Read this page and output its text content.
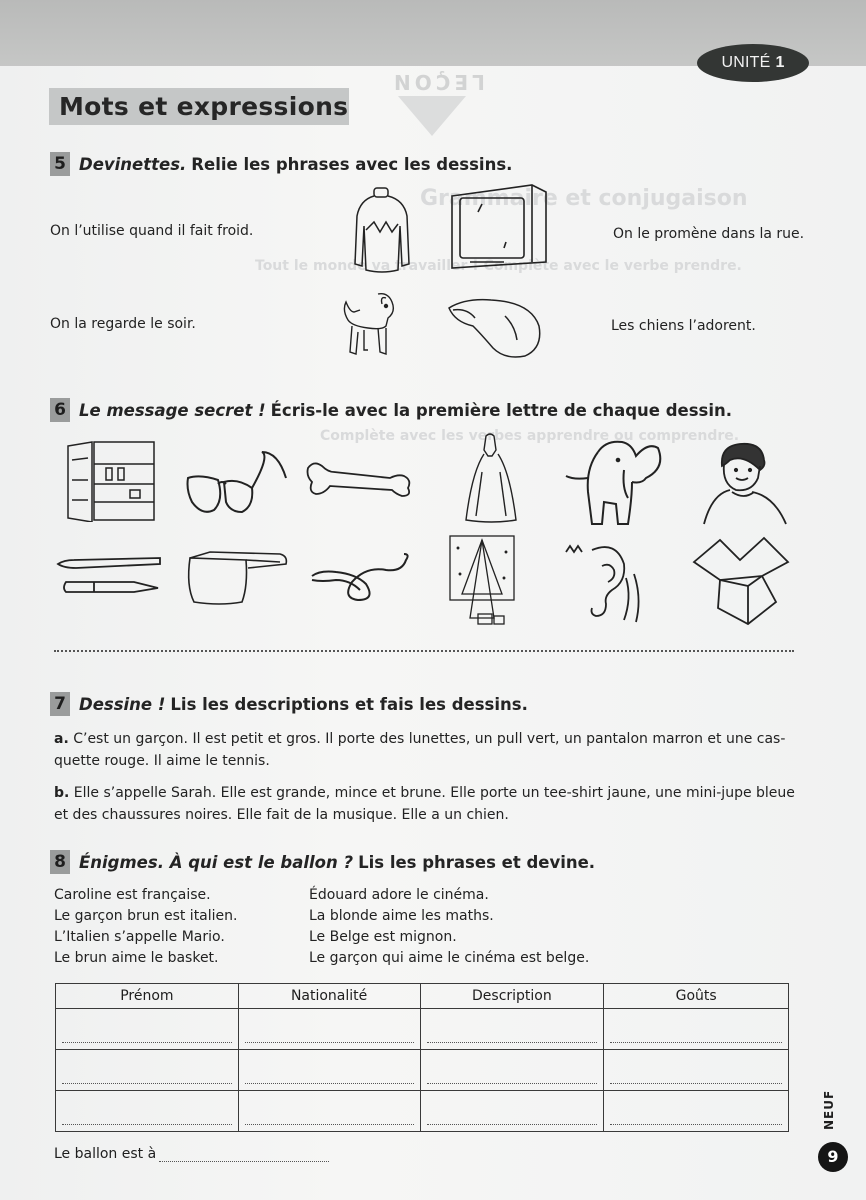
LEÇON
UNITÉ 1
Mots et expressions
Grammaire et conjugaison
Tout le monde va travailler ! Complète avec le verbe prendre.
Complète avec les verbes apprendre ou comprendre.
5 Devinettes. Relie les phrases avec les dessins.
On l’utilise quand il fait froid.
On la regarde le soir.
On le promène dans la rue.
Les chiens l’adorent.
6 Le message secret ! Écris-le avec la première lettre de chaque dessin.
7 Dessine ! Lis les descriptions et fais les dessins.
a. C’est un garçon. Il est petit et gros. Il porte des lunettes, un pull vert, un pantalon marron et une cas-quette rouge. Il aime le tennis.
b. Elle s’appelle Sarah. Elle est grande, mince et brune. Elle porte un tee-shirt jaune, une mini-jupe bleue et des chaussures noires. Elle fait de la musique. Elle a un chien.
8 Énigmes. À qui est le ballon ? Lis les phrases et devine.
Caroline est française.
Le garçon brun est italien.
L’Italien s’appelle Mario.
Le brun aime le basket.
Édouard adore le cinéma.
La blonde aime les maths.
Le Belge est mignon.
Le garçon qui aime le cinéma est belge.
Prénom	Nationalité	Description	Goûts

Le ballon est à
NEUF
9
